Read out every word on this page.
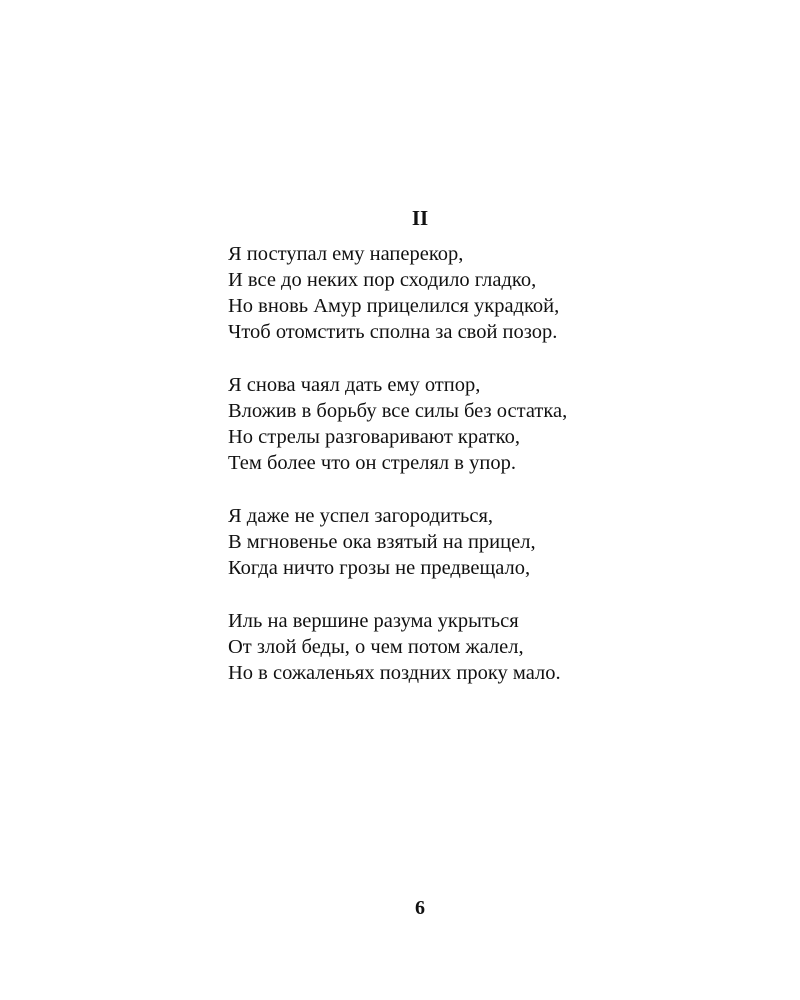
II
Я поступал ему наперекор,
И все до неких пор сходило гладко,
Но вновь Амур прицелился украдкой,
Чтоб отомстить сполна за свой позор.
Я снова чаял дать ему отпор,
Вложив в борьбу все силы без остатка,
Но стрелы разговаривают кратко,
Тем более что он стрелял в упор.
Я даже не успел загородиться,
В мгновенье ока взятый на прицел,
Когда ничто грозы не предвещало,
Иль на вершине разума укрыться
От злой беды, о чем потом жалел,
Но в сожаленьях поздних проку мало.
6
